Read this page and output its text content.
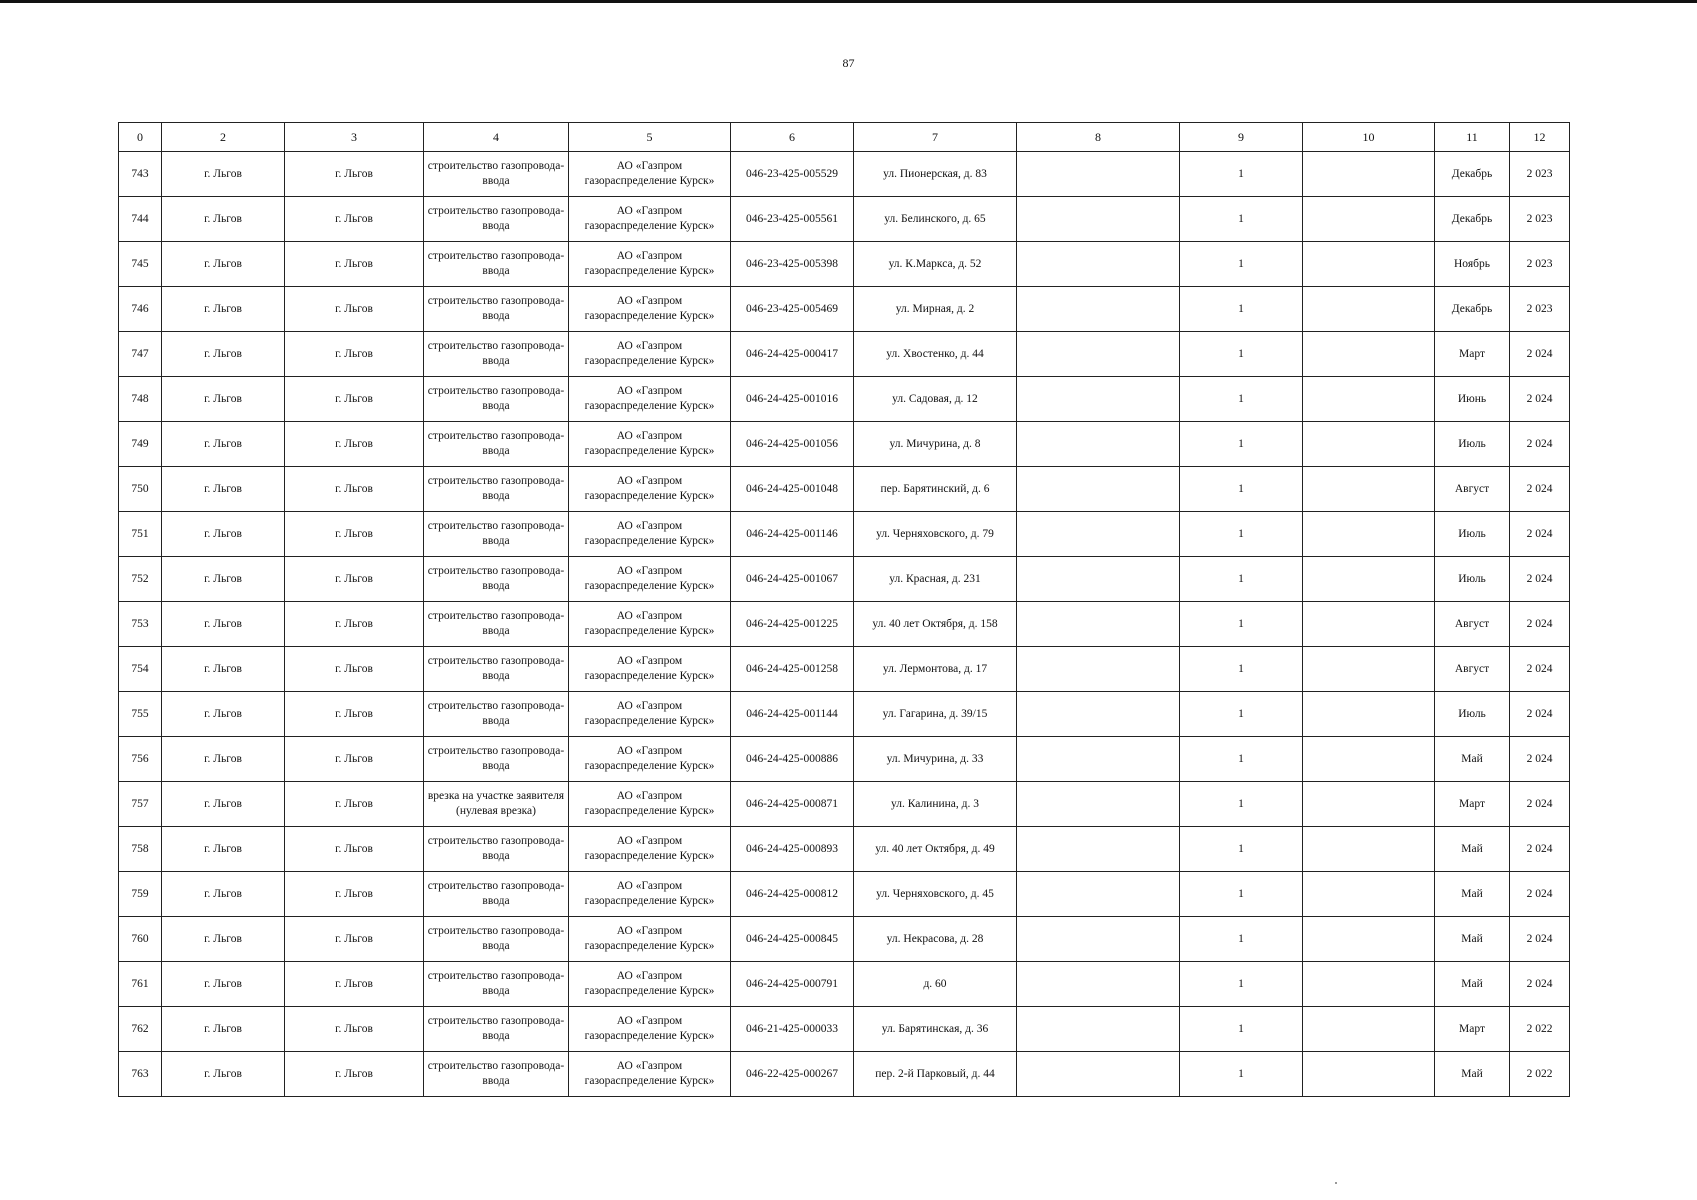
87
0	2	3	4	5	6	7	8	9	10	11	12
743	г. Льгов	г. Льгов	строительство газопровода-ввода	АО «Газпром газораспределение Курск»	046-23-425-005529	ул. Пионерская, д. 83		1		Декабрь	2 023
744	г. Льгов	г. Льгов	строительство газопровода-ввода	АО «Газпром газораспределение Курск»	046-23-425-005561	ул. Белинского, д. 65		1		Декабрь	2 023
745	г. Льгов	г. Льгов	строительство газопровода-ввода	АО «Газпром газораспределение Курск»	046-23-425-005398	ул. К.Маркса, д. 52		1		Ноябрь	2 023
746	г. Льгов	г. Льгов	строительство газопровода-ввода	АО «Газпром газораспределение Курск»	046-23-425-005469	ул. Мирная, д. 2		1		Декабрь	2 023
747	г. Льгов	г. Льгов	строительство газопровода-ввода	АО «Газпром газораспределение Курск»	046-24-425-000417	ул. Хвостенко, д. 44		1		Март	2 024
748	г. Льгов	г. Льгов	строительство газопровода-ввода	АО «Газпром газораспределение Курск»	046-24-425-001016	ул. Садовая, д. 12		1		Июнь	2 024
749	г. Льгов	г. Льгов	строительство газопровода-ввода	АО «Газпром газораспределение Курск»	046-24-425-001056	ул. Мичурина, д. 8		1		Июль	2 024
750	г. Льгов	г. Льгов	строительство газопровода-ввода	АО «Газпром газораспределение Курск»	046-24-425-001048	пер. Барятинский, д. 6		1		Август	2 024
751	г. Льгов	г. Льгов	строительство газопровода-ввода	АО «Газпром газораспределение Курск»	046-24-425-001146	ул. Черняховского, д. 79		1		Июль	2 024
752	г. Льгов	г. Льгов	строительство газопровода-ввода	АО «Газпром газораспределение Курск»	046-24-425-001067	ул. Красная, д. 231		1		Июль	2 024
753	г. Льгов	г. Льгов	строительство газопровода-ввода	АО «Газпром газораспределение Курск»	046-24-425-001225	ул. 40 лет Октября, д. 158		1		Август	2 024
754	г. Льгов	г. Льгов	строительство газопровода-ввода	АО «Газпром газораспределение Курск»	046-24-425-001258	ул. Лермонтова, д. 17		1		Август	2 024
755	г. Льгов	г. Льгов	строительство газопровода-ввода	АО «Газпром газораспределение Курск»	046-24-425-001144	ул. Гагарина, д. 39/15		1		Июль	2 024
756	г. Льгов	г. Льгов	строительство газопровода-ввода	АО «Газпром газораспределение Курск»	046-24-425-000886	ул. Мичурина, д. 33		1		Май	2 024
757	г. Льгов	г. Льгов	врезка на участке заявителя (нулевая врезка)	АО «Газпром газораспределение Курск»	046-24-425-000871	ул. Калинина, д. 3		1		Март	2 024
758	г. Льгов	г. Льгов	строительство газопровода-ввода	АО «Газпром газораспределение Курск»	046-24-425-000893	ул. 40 лет Октября, д. 49		1		Май	2 024
759	г. Льгов	г. Льгов	строительство газопровода-ввода	АО «Газпром газораспределение Курск»	046-24-425-000812	ул. Черняховского, д. 45		1		Май	2 024
760	г. Льгов	г. Льгов	строительство газопровода-ввода	АО «Газпром газораспределение Курск»	046-24-425-000845	ул. Некрасова, д. 28		1		Май	2 024
761	г. Льгов	г. Льгов	строительство газопровода-ввода	АО «Газпром газораспределение Курск»	046-24-425-000791	д. 60		1		Май	2 024
762	г. Льгов	г. Льгов	строительство газопровода-ввода	АО «Газпром газораспределение Курск»	046-21-425-000033	ул. Барятинская, д. 36		1		Март	2 022
763	г. Льгов	г. Льгов	строительство газопровода-ввода	АО «Газпром газораспределение Курск»	046-22-425-000267	пер. 2-й Парковый, д. 44		1		Май	2 022
